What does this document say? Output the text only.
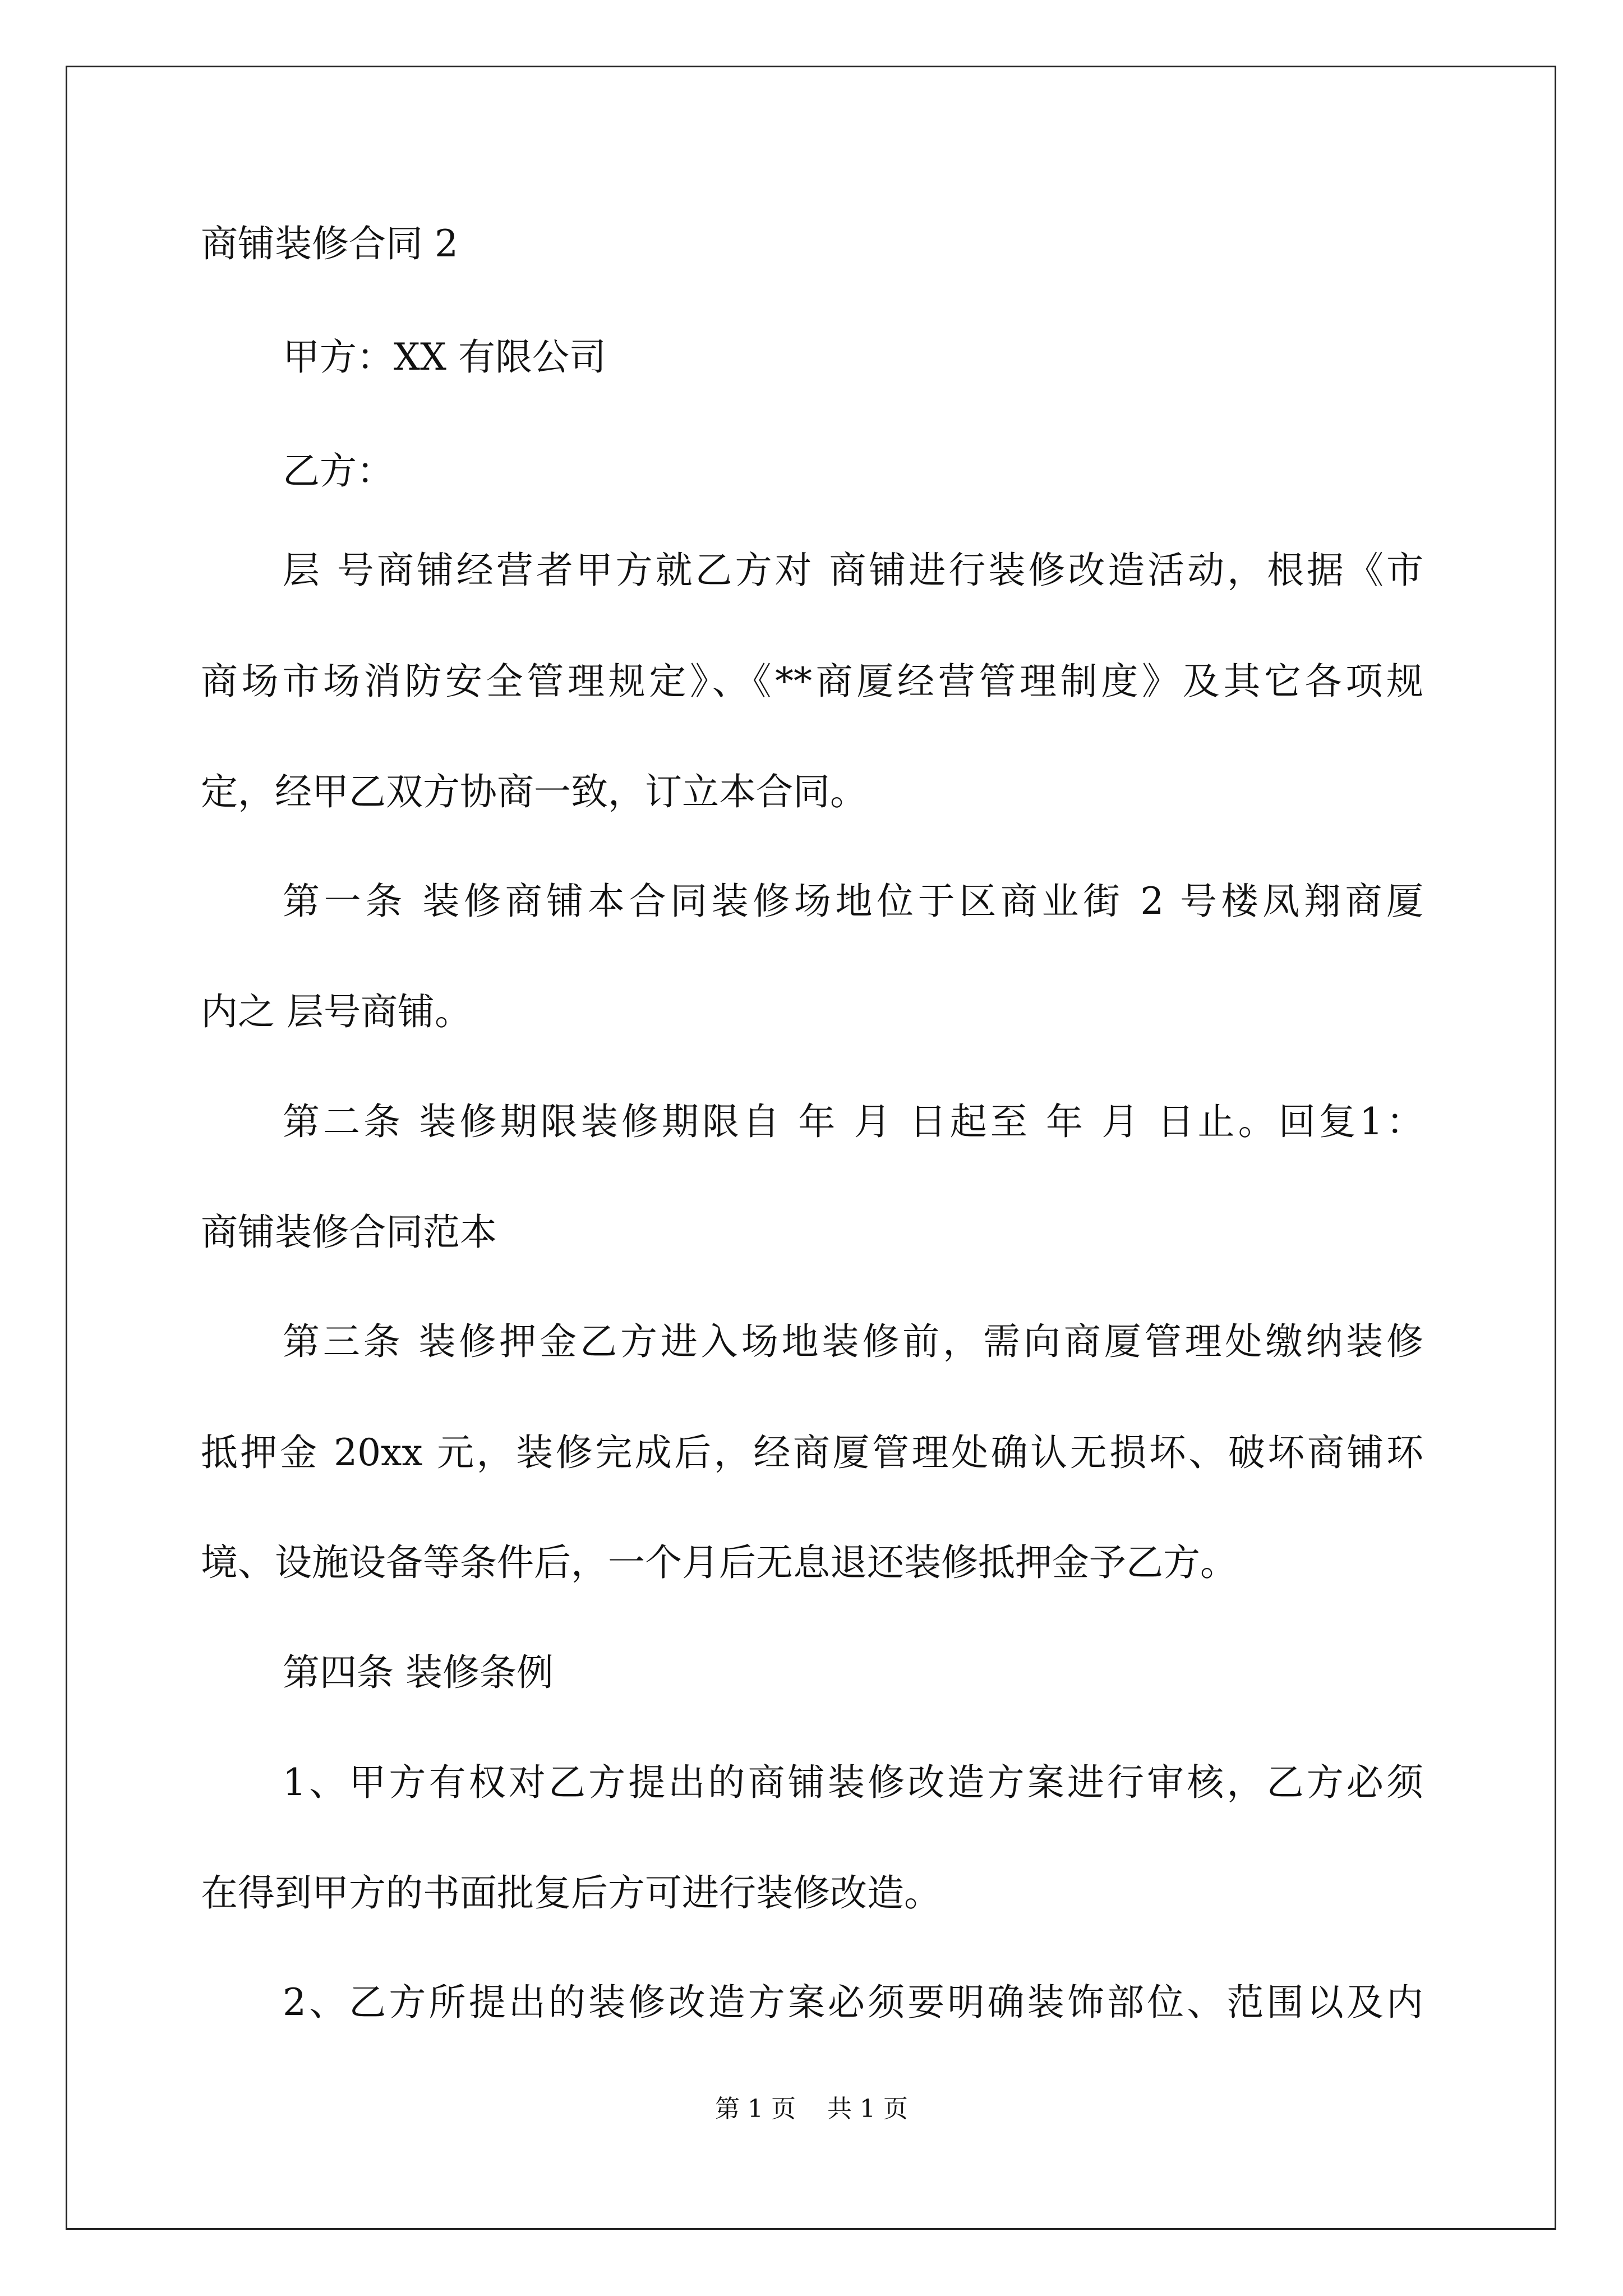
商铺装修合同 2
甲方：XX 有限公司
乙方：
层 号商铺经营者甲方就乙方对 商铺进行装修改造活动，根据《市
商场市场消防安全管理规定》、《**商厦经营管理制度》及其它各项规
定，经甲乙双方协商一致，订立本合同。
第一条 装修商铺本合同装修场地位于区商业街 2 号楼凤翔商厦
内之 层号商铺。
第二条 装修期限装修期限自 年 月 日起至 年 月 日止。回复1：
商铺装修合同范本
第三条 装修押金乙方进入场地装修前，需向商厦管理处缴纳装修
抵押金 20xx 元，装修完成后，经商厦管理处确认无损坏、破坏商铺环
境、设施设备等条件后，一个月后无息退还装修抵押金予乙方。
第四条 装修条例
1、甲方有权对乙方提出的商铺装修改造方案进行审核，乙方必须
在得到甲方的书面批复后方可进行装修改造。
2、乙方所提出的装修改造方案必须要明确装饰部位、范围以及内
第 1 页    共 1 页
